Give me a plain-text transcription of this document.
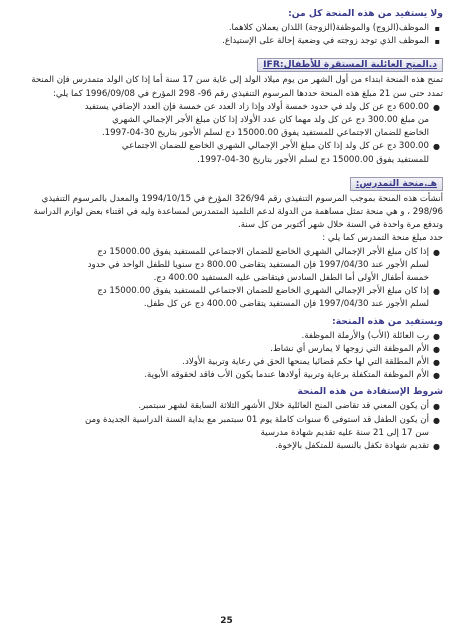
ولا يستفيد من هذه المنحة كل من:
▪
الموظف(الزوج) والموظفة(الزوجة) اللذان يعملان كلاهما.
▪
الموظف الذي توجد زوجته في وضعية إحالة على الإستيداع.
د.المنح العائلية المستقرة للأطفال:IFR

تمنح هذه المنحة ابتداء من أول الشهر من يوم ميلاد الولد إلى غاية سن 17 سنة أما إذا كان الولد متمدرس فإن المنحة
تمدد حتى سن 21 مبلغ هذه المنحة حددها المرسوم التنفيذي رقم 96- 298 المؤرخ في 1996/09/08 كما يلي:

●
600.00 دج عن كل ولد في حدود خمسة أولاد وإذا زاد العدد عن خمسة فإن العدد الإضافي يستفيد
من مبلغ 300.00 دج عن كل ولد مهما كان عدد الأولاد إذا كان مبلغ الأجر الإجمالي الشهري
الخاضع للضمان الاجتماعي للمستفيد يفوق 15000.00 دج لسلم الأجور بتاريخ 30-04-1997.
●
300.00 دج عن كل ولد إذا كان مبلغ الأجر الإجمالي الشهري الخاضع للضمان الاجتماعي
للمستفيد يفوق 15000.00 دج لسلم الأجور بتاريخ 30-04-1997.
هـ.منحة التمدرس:

أنشأت هذه المنحة بموجب المرسوم التنفيذي رقم 326/94 المؤرخ في 1994/10/15 والمعدل بالمرسوم التنفيذي
298/96 ، و هي منحة تمثل مساهمة من الدولة لدعم التلميذ المتمدرس لمساعدة وليه في اقتناء بعض لوازم الدراسة
وتدفع مرة واحدة في السنة خلال شهر أكتوبر من كل سنة.

حدد مبلغ منحة التمدرس كما يلي :

●
إذا كان مبلغ الأجر الإجمالي الشهري الخاضع للضمان الاجتماعي للمستفيد يفوق 15000.00 دج
لسلم الأجور عند 1997/04/30 فإن المستفيد يتقاضى 800.00 دج سنويا للطفل الواحد في حدود
خمسة أطفال الأولى أما الطفل السادس فيتقاضى عليه المستفيد 400.00 دج.
●
إذا كان مبلغ الأجر الإجمالي الشهري الخاضع للضمان الاجتماعي للمستفيد يفوق 15000.00 دج
لسلم الأجور عند 1997/04/30 فإن المستفيد يتقاضى 400.00 دج عن كل طفل.
ويستفيد من هذه المنحة:
●
رب العائلة (الأب) والأرملة الموظفة.
●
الأم الموظفة التي زوجها لا يمارس أي نشاط.
●
الأم المطلقة التي لها حكم قضائيا يمنحها الحق في رعاية وتربية الأولاد.
●
الأم الموظفة المتكفلة برعاية وتربية أولادها عندما يكون الأب فاقد لحقوقه الأبوية.
شروط الإستفادة من هذه المنحة
●
أن يكون المعني قد تقاضى المنح العائلية خلال الأشهر الثلاثة السابقة لشهر سبتمبر.
●
أن يكون الطفل قد استوفى 6 سنوات كاملة يوم 01 سبتمبر مع بداية السنة الدراسية الجديدة ومن
سن 17 إلى 21 سنة عليه تقديم شهادة مدرسية
●
تقديم شهادة تكفل بالنسبة للمتكفل بالإخوة.
25
